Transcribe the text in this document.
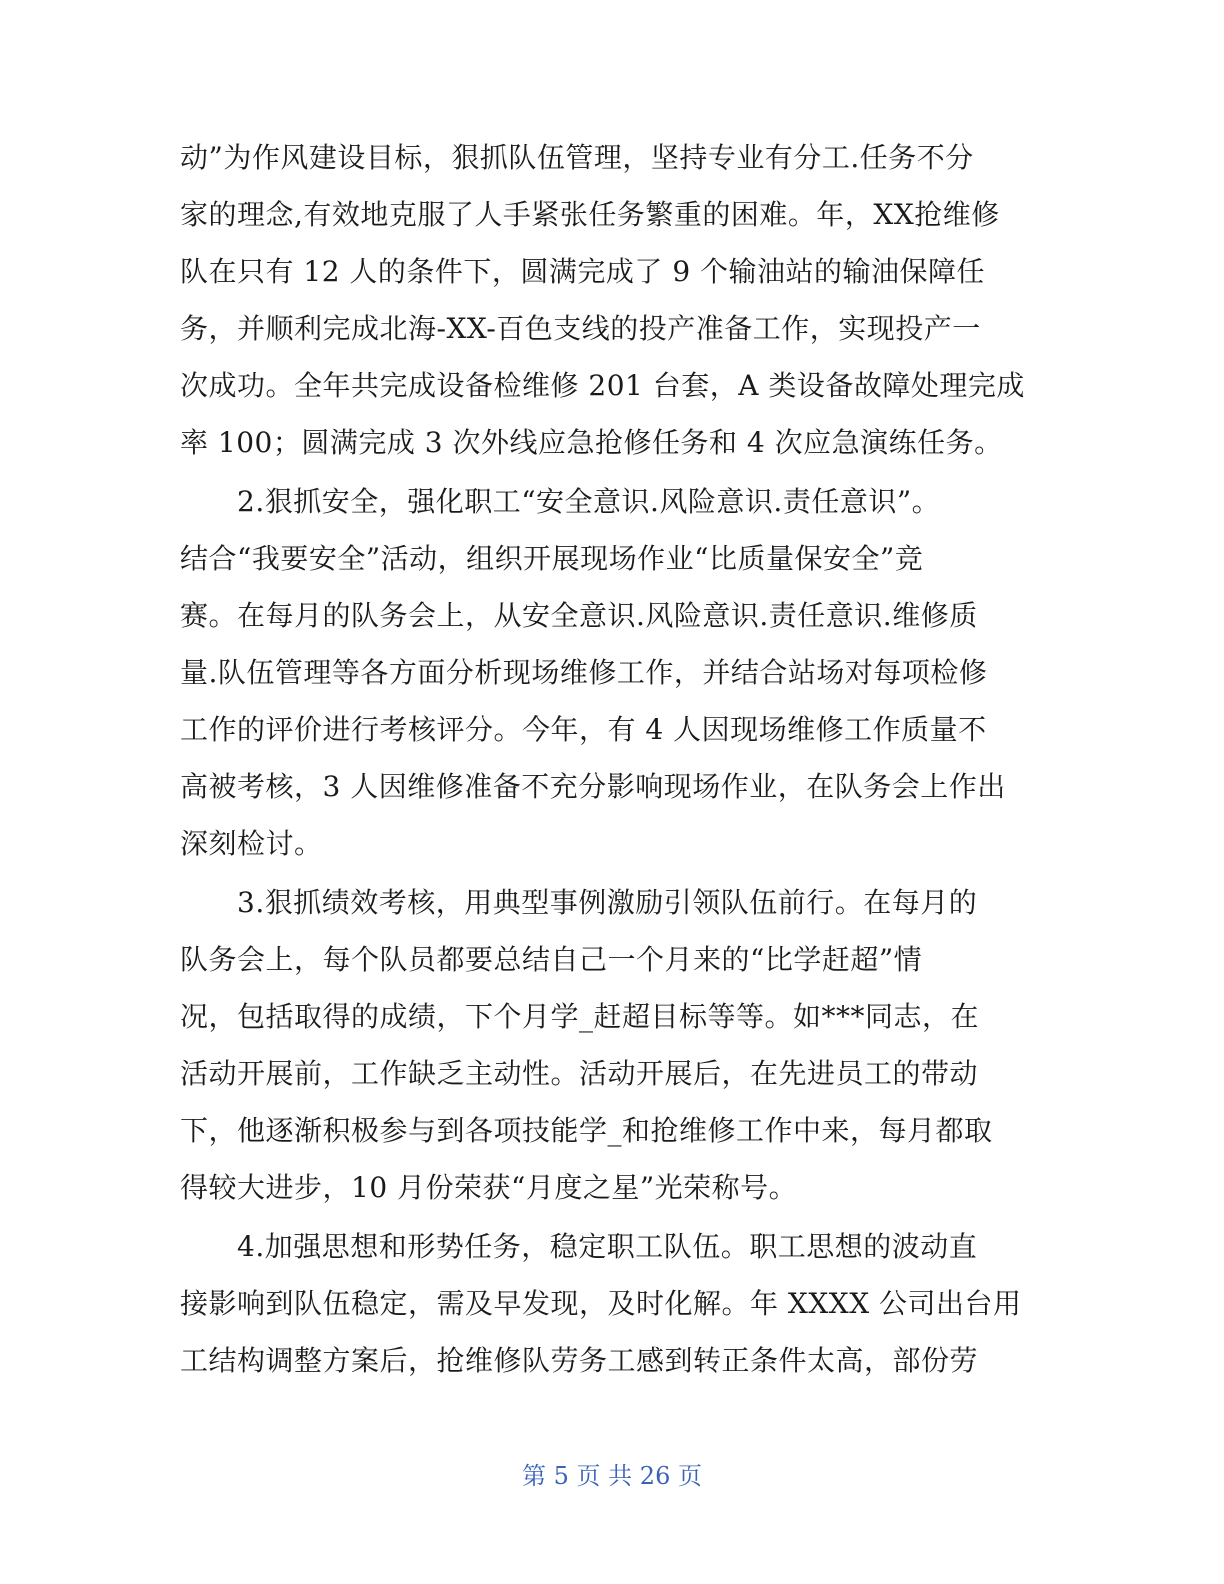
动”为作风建设目标，狠抓队伍管理，坚持专业有分工.任务不分
家的理念,有效地克服了人手紧张任务繁重的困难。年，XX抢维修
队在只有 12 人的条件下，圆满完成了 9 个输油站的输油保障任
务，并顺利完成北海-XX-百色支线的投产准备工作，实现投产一
次成功。全年共完成设备检维修 201 台套，A 类设备故障处理完成
率 100；圆满完成 3 次外线应急抢修任务和 4 次应急演练任务。
2.狠抓安全，强化职工“安全意识.风险意识.责任意识”。
结合“我要安全”活动，组织开展现场作业“比质量保安全”竞
赛。在每月的队务会上，从安全意识.风险意识.责任意识.维修质
量.队伍管理等各方面分析现场维修工作，并结合站场对每项检修
工作的评价进行考核评分。今年，有 4 人因现场维修工作质量不
高被考核，3 人因维修准备不充分影响现场作业，在队务会上作出
深刻检讨。
3.狠抓绩效考核，用典型事例激励引领队伍前行。在每月的
队务会上，每个队员都要总结自己一个月来的“比学赶超”情
况，包括取得的成绩，下个月学_赶超目标等等。如***同志，在
活动开展前，工作缺乏主动性。活动开展后，在先进员工的带动
下，他逐渐积极参与到各项技能学_和抢维修工作中来，每月都取
得较大进步，10 月份荣获“月度之星”光荣称号。
4.加强思想和形势任务，稳定职工队伍。职工思想的波动直
接影响到队伍稳定，需及早发现，及时化解。年 XXXX 公司出台用
工结构调整方案后，抢维修队劳务工感到转正条件太高，部份劳
第 5 页 共 26 页
